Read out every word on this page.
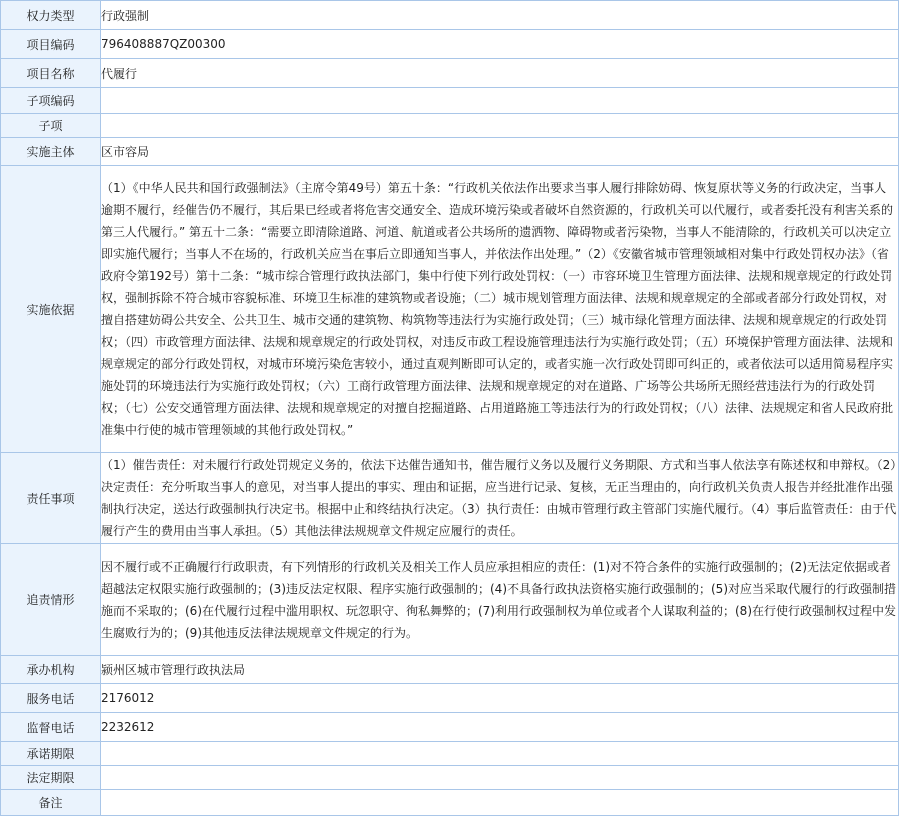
权力类型	行政强制
项目编码	796408887QZ00300
项目名称	代履行
子项编码	
子项	
实施主体	区市容局
实施依据	（1）《中华人民共和国行政强制法》（主席令第49号）第五十条：“行政机关依法作出要求当事人履行排除妨碍、恢复原状等义务的行政决定，当事人逾期不履行，经催告仍不履行，其后果已经或者将危害交通安全、造成环境污染或者破坏自然资源的，行政机关可以代履行，或者委托没有利害关系的第三人代履行。” 第五十二条：“需要立即清除道路、河道、航道或者公共场所的遗洒物、障碍物或者污染物，当事人不能清除的，行政机关可以决定立即实施代履行；当事人不在场的，行政机关应当在事后立即通知当事人，并依法作出处理。”（2）《安徽省城市管理领域相对集中行政处罚权办法》（省政府令第192号）第十二条：“城市综合管理行政执法部门，集中行使下列行政处罚权：（一）市容环境卫生管理方面法律、法规和规章规定的行政处罚权，强制拆除不符合城市容貌标准、环境卫生标准的建筑物或者设施；（二）城市规划管理方面法律、法规和规章规定的全部或者部分行政处罚权，对擅自搭建妨碍公共安全、公共卫生、城市交通的建筑物、构筑物等违法行为实施行政处罚；（三）城市绿化管理方面法律、法规和规章规定的行政处罚权；（四）市政管理方面法律、法规和规章规定的行政处罚权，对违反市政工程设施管理违法行为实施行政处罚；（五）环境保护管理方面法律、法规和规章规定的部分行政处罚权，对城市环境污染危害较小，通过直观判断即可认定的，或者实施一次行政处罚即可纠正的，或者依法可以适用简易程序实施处罚的环境违法行为实施行政处罚权；（六）工商行政管理方面法律、法规和规章规定的对在道路、广场等公共场所无照经营违法行为的行政处罚权；（七）公安交通管理方面法律、法规和规章规定的对擅自挖掘道路、占用道路施工等违法行为的行政处罚权；（八）法律、法规规定和省人民政府批准集中行使的城市管理领域的其他行政处罚权。”
责任事项	（1）催告责任：对未履行行政处罚规定义务的，依法下达催告通知书，催告履行义务以及履行义务期限、方式和当事人依法享有陈述权和申辩权。（2）决定责任：充分听取当事人的意见，对当事人提出的事实、理由和证据，应当进行记录、复核，无正当理由的，向行政机关负责人报告并经批准作出强制执行决定，送达行政强制执行决定书。根据中止和终结执行决定。（3）执行责任：由城市管理行政主管部门实施代履行。（4）事后监管责任：由于代履行产生的费用由当事人承担。（5）其他法律法规规章文件规定应履行的责任。
追责情形	因不履行或不正确履行行政职责，有下列情形的行政机关及相关工作人员应承担相应的责任：(1)对不符合条件的实施行政强制的；(2)无法定依据或者超越法定权限实施行政强制的；(3)违反法定权限、程序实施行政强制的；(4)不具备行政执法资格实施行政强制的；(5)对应当采取代履行的行政强制措施而不采取的；(6)在代履行过程中滥用职权、玩忽职守、徇私舞弊的；(7)利用行政强制权为单位或者个人谋取利益的；(8)在行使行政强制权过程中发生腐败行为的；(9)其他违反法律法规规章文件规定的行为。
承办机构	颍州区城市管理行政执法局
服务电话	2176012
监督电话	2232612
承诺期限	
法定期限	
备注	
